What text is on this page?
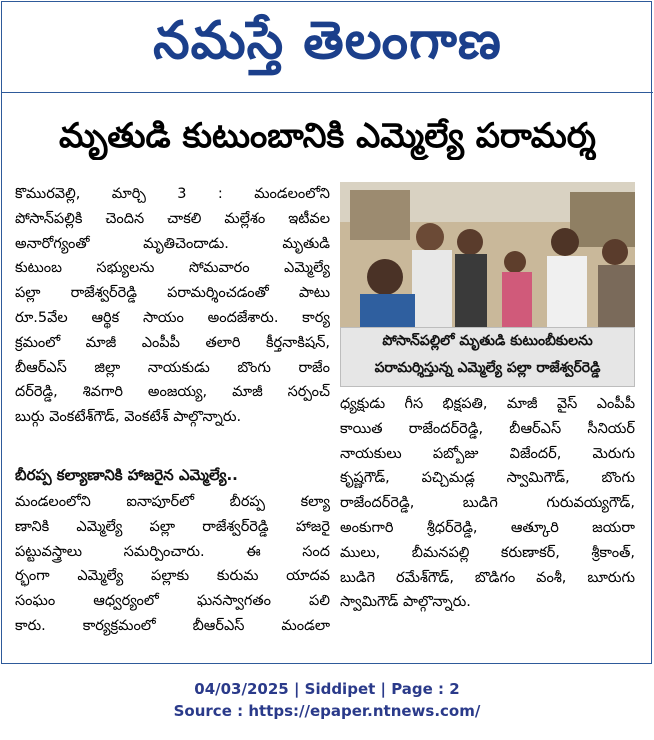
నమస్తే తెలంగాణ
మృతుడి కుటుంబానికి ఎమ్మెల్యే పరామర్శ
కొమురవెల్లి, మార్చి 3 : మండలంలోని
పోసాన్‌పల్లికి చెందిన చాకలి మల్లేశం ఇటీవల
అనారోగ్యంతో మృతిచెందాడు. మృతుడి
కుటుంబ సభ్యులను సోమవారం ఎమ్మెల్యే
పల్లా రాజేశ్వర్‌రెడ్డి పరామర్శించడంతో పాటు
రూ.5వేల ఆర్థిక సాయం అందజేశారు. కార్య
క్రమంలో మాజీ ఎంపీపీ తలారి కీర్తనాకిషన్,
బీఆర్‌ఎస్ జిల్లా నాయకుడు బొంగు రాజేం
దర్‌రెడ్డి, శివగారి అంజయ్య, మాజీ సర్పంచ్
బుర్గు వెంకటేశ్‌గౌడ్, వెంకటేశ్ పాల్గొన్నారు.
బీరప్ప కల్యాణానికి హాజరైన ఎమ్మెల్యే..
మండలంలోని ఐనాపూర్‌లో బీరప్ప కల్యా
ణానికి ఎమ్మెల్యే పల్లా రాజేశ్వర్‌రెడ్డి హాజరై
పట్టువస్త్రాలు సమర్పించారు. ఈ సంద
ర్భంగా ఎమ్మెల్యే పల్లాకు కురుమ యాదవ
సంఘం ఆధ్వర్యంలో ఘనస్వాగతం పలి
కారు. కార్యక్రమంలో బీఆర్‌ఎస్ మండలా
పోసాన్‌పల్లిలో మృతుడి కుటుంబీకులను
పరామర్శిస్తున్న ఎమ్మెల్యే పల్లా రాజేశ్వర్‌రెడ్డి
ధ్యక్షుడు గీస భిక్షపతి, మాజీ వైస్ ఎంపీపీ
కాయిత రాజేందర్‌రెడ్డి, బీఆర్‌ఎస్ సీనియర్
నాయకులు పబ్బోజు విజేందర్, మెరుగు
కృష్ణగౌడ్, పచ్చిమడ్ల స్వామిగౌడ్, బొంగు
రాజేందర్‌రెడ్డి, బుడిగె గురువయ్యగౌడ్,
అంకుగారి శ్రీధర్‌రెడ్డి, ఆత్కూరి జయరా
ములు, బీమనపల్లి కరుణాకర్, శ్రీకాంత్,
బుడిగె రమేశ్‌గౌడ్, బొడిగం వంశీ, బూరుగు
స్వామిగౌడ్ పాల్గొన్నారు.
04/03/2025 | Siddipet | Page : 2
Source : https://epaper.ntnews.com/
